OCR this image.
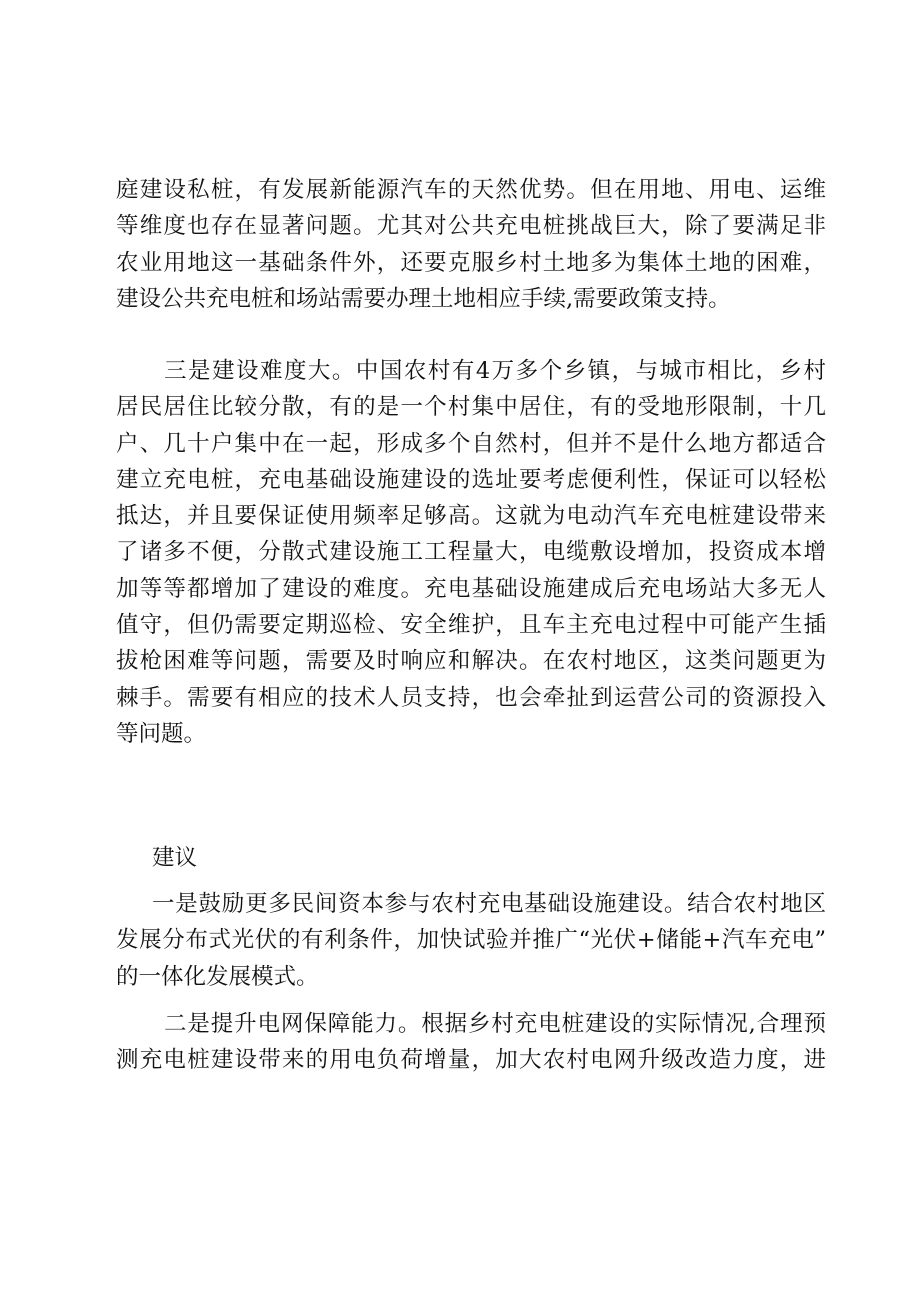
庭建设私桩，有发展新能源汽车的天然优势。但在用地、用电、运维
等维度也存在显著问题。尤其对公共充电桩挑战巨大，除了要满足非
农业用地这一基础条件外，还要克服乡村土地多为集体土地的困难，
建设公共充电桩和场站需要办理土地相应手续,需要政策支持。
三是建设难度大。中国农村有4万多个乡镇，与城市相比，乡村
居民居住比较分散，有的是一个村集中居住，有的受地形限制，十几
户、几十户集中在一起，形成多个自然村，但并不是什么地方都适合
建立充电桩，充电基础设施建设的选址要考虑便利性，保证可以轻松
抵达，并且要保证使用频率足够高。这就为电动汽车充电桩建设带来
了诸多不便，分散式建设施工工程量大，电缆敷设增加，投资成本增
加等等都增加了建设的难度。充电基础设施建成后充电场站大多无人
值守，但仍需要定期巡检、安全维护，且车主充电过程中可能产生插
拔枪困难等问题，需要及时响应和解决。在农村地区，这类问题更为
棘手。需要有相应的技术人员支持，也会牵扯到运营公司的资源投入
等问题。
建议
一是鼓励更多民间资本参与农村充电基础设施建设。结合农村地区
发展分布式光伏的有利条件，加快试验并推广“光伏+储能+汽车充电”
的一体化发展模式。
二是提升电网保障能力。根据乡村充电桩建设的实际情况,合理预
测充电桩建设带来的用电负荷增量，加大农村电网升级改造力度，进
